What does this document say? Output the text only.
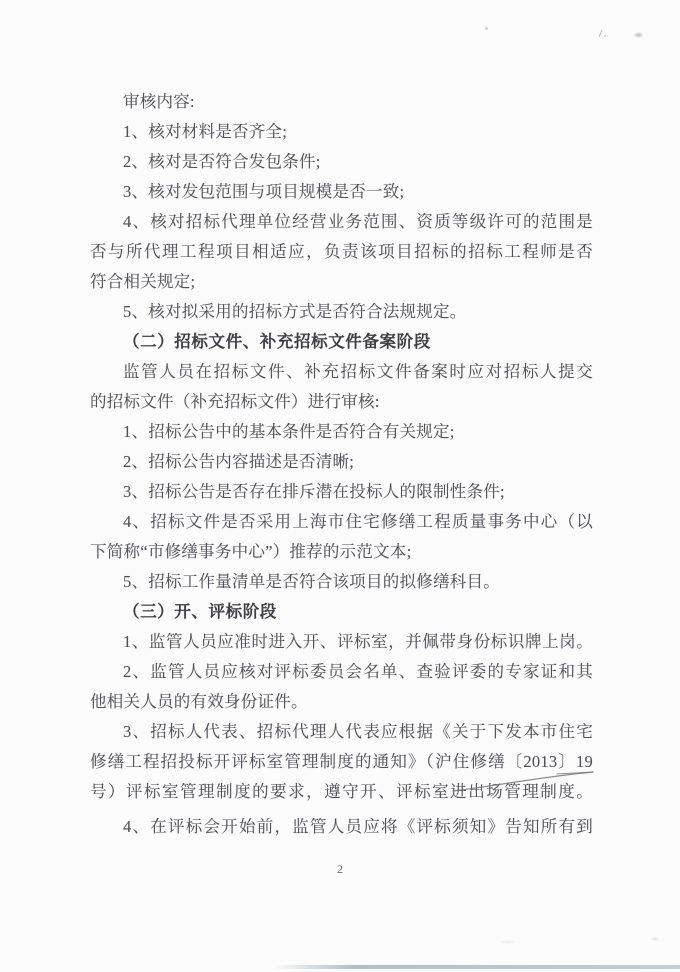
审核内容:
1、核对材料是否齐全;
2、核对是否符合发包条件;
3、核对发包范围与项目规模是否一致;
4、核对招标代理单位经营业务范围、资质等级许可的范围是
否与所代理工程项目相适应，负责该项目招标的招标工程师是否
符合相关规定;
5、核对拟采用的招标方式是否符合法规规定。
（二）招标文件、补充招标文件备案阶段
监管人员在招标文件、补充招标文件备案时应对招标人提交
的招标文件（补充招标文件）进行审核:
1、招标公告中的基本条件是否符合有关规定;
2、招标公告内容描述是否清晰;
3、招标公告是否存在排斥潜在投标人的限制性条件;
4、招标文件是否采用上海市住宅修缮工程质量事务中心（以
下简称“市修缮事务中心”）推荐的示范文本;
5、招标工作量清单是否符合该项目的拟修缮科目。
（三）开、评标阶段
1、监管人员应准时进入开、评标室，并佩带身份标识牌上岗。
2、监管人员应核对评标委员会名单、查验评委的专家证和其
他相关人员的有效身份证件。
3、招标人代表、招标代理人代表应根据《关于下发本市住宅
修缮工程招投标开评标室管理制度的通知》（沪住修缮〔2013〕19
号）评标室管理制度的要求，遵守开、评标室进出场管理制度。
4、在评标会开始前，监管人员应将《评标须知》告知所有到
2
